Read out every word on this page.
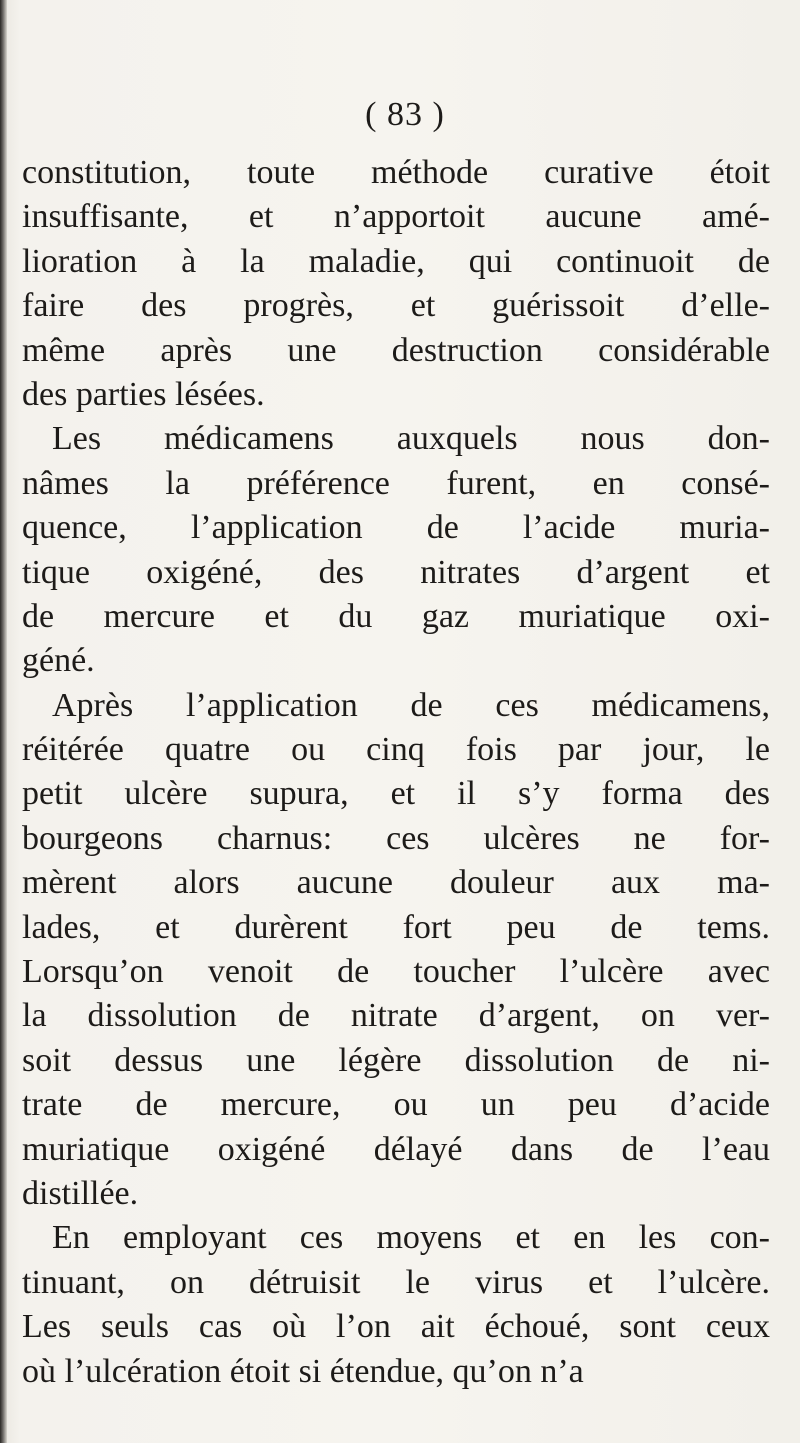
( 83 )
constitution, toute méthode curative étoit
insuffisante, et n’apportoit aucune amé-
lioration à la maladie, qui continuoit de
faire des progrès, et guérissoit d’elle-
même après une destruction considérable
des parties lésées.
Les médicamens auxquels nous don-
nâmes la préférence furent, en consé-
quence, l’application de l’acide muria-
tique oxigéné, des nitrates d’argent et
de mercure et du gaz muriatique oxi-
géné.
Après l’application de ces médicamens,
réitérée quatre ou cinq fois par jour, le
petit ulcère supura, et il s’y forma des
bourgeons charnus: ces ulcères ne for-
mèrent alors aucune douleur aux ma-
lades, et durèrent fort peu de tems.
Lorsqu’on venoit de toucher l’ulcère avec
la dissolution de nitrate d’argent, on ver-
soit dessus une légère dissolution de ni-
trate de mercure, ou un peu d’acide
muriatique oxigéné délayé dans de l’eau
distillée.
En employant ces moyens et en les con-
tinuant, on détruisit le virus et l’ulcère.
Les seuls cas où l’on ait échoué, sont ceux
où l’ulcération étoit si étendue, qu’on n’a
